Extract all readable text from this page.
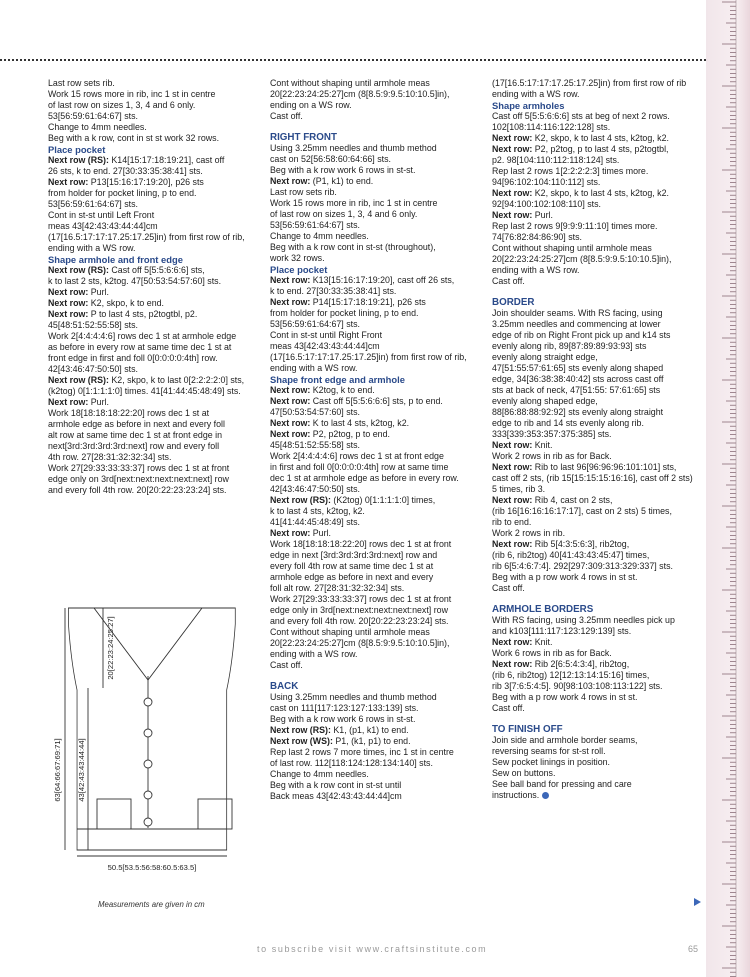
Last row sets rib.
Work 15 rows more in rib, inc 1 st in centre
of last row on sizes 1, 3, 4 and 6 only.
53[56:59:61:64:67] sts.
Change to 4mm needles.
Beg with a k row, cont in st st work 32 rows.
Place pocket
Next row (RS): K14[15:17:18:19:21], cast off
26 sts, k to end. 27[30:33:35:38:41] sts.
Next row: P13[15:16:17:19:20], p26 sts
from holder for pocket lining, p to end.
53[56:59:61:64:67] sts.
Cont in st-st until Left Front
meas 43[42:43:43:44:44]cm
(17[16.5:17:17:17.25:17.25]in) from first row of rib,
ending with a WS row.
Shape armhole and front edge
Next row (RS): Cast off 5[5:5:6:6:6] sts,
k to last 2 sts, k2tog. 47[50:53:54:57:60] sts.
Next row: Purl.
Next row: K2, skpo, k to end.
Next row: P to last 4 sts, p2togtbl, p2.
45[48:51:52:55:58] sts.
Work 2[4:4:4:4:6] rows dec 1 st at armhole edge
as before in every row at same time dec 1 st at
front edge in first and foll 0[0:0:0:0:4th] row.
42[43:46:47:50:50] sts.
Next row (RS): K2, skpo, k to last 0[2:2:2:2:0] sts,
(k2tog) 0[1:1:1:1:0] times. 41[41:44:45:48:49] sts.
Next row: Purl.
Work 18[18:18:18:22:20] rows dec 1 st at
armhole edge as before in next and every foll
alt row at same time dec 1 st at front edge in
next[3rd:3rd:3rd:3rd:next] row and every foll
4th row. 27[28:31:32:32:34] sts.
Work 27[29:33:33:33:37] rows dec 1 st at front
edge only on 3rd[next:next:next:next:next] row
and every foll 4th row. 20[20:22:23:23:24] sts.
Cont without shaping until armhole meas
20[22:23:24:25:27]cm (8[8.5:9:9.5:10:10.5]in),
ending on a WS row.
Cast off.
RIGHT FRONT
Using 3.25mm needles and thumb method
cast on 52[56:58:60:64:66] sts.
Beg with a k row work 6 rows in st-st.
Next row: (P1, k1) to end.
Last row sets rib.
Work 15 rows more in rib, inc 1 st in centre
of last row on sizes 1, 3, 4 and 6 only.
53[56:59:61:64:67] sts.
Change to 4mm needles.
Beg with a k row cont in st-st (throughout),
work 32 rows.
Place pocket
Next row: K13[15:16:17:19:20], cast off 26 sts,
k to end. 27[30:33:35:38:41] sts.
Next row: P14[15:17:18:19:21], p26 sts
from holder for pocket lining, p to end.
53[56:59:61:64:67] sts.
Cont in st-st until Right Front
meas 43[42:43:43:44:44]cm
(17[16.5:17:17:17.25:17.25]in) from first row of rib,
ending with a WS row.
Shape front edge and armhole
Next row: K2tog, k to end.
Next row: Cast off 5[5:5:6:6:6] sts, p to end.
47[50:53:54:57:60] sts.
Next row: K to last 4 sts, k2tog, k2.
Next row: P2, p2tog, p to end.
45[48:51:52:55:58] sts.
Work 2[4:4:4:4:6] rows dec 1 st at front edge
in first and foll 0[0:0:0:0:4th] row at same time
dec 1 st at armhole edge as before in every row.
42[43:46:47:50:50] sts.
Next row (RS): (K2tog) 0[1:1:1:1:0] times,
k to last 4 sts, k2tog, k2.
41[41:44:45:48:49] sts.
Next row: Purl.
Work 18[18:18:18:22:20] rows dec 1 st at front
edge in next [3rd:3rd:3rd:3rd:next] row and
every foll 4th row at same time dec 1 st at
armhole edge as before in next and every
foll alt row. 27[28:31:32:32:34] sts.
Work 27[29:33:33:33:37] rows dec 1 st at front
edge only in 3rd[next:next:next:next:next] row
and every foll 4th row. 20[20:22:23:23:24] sts.
Cont without shaping until armhole meas
20[22:23:24:25:27]cm (8[8.5:9:9.5:10:10.5]in),
ending with a WS row.
Cast off.
BACK
Using 3.25mm needles and thumb method
cast on 111[117:123:127:133:139] sts.
Beg with a k row work 6 rows in st-st.
Next row (RS): K1, (p1, k1) to end.
Next row (WS): P1, (k1, p1) to end.
Rep last 2 rows 7 more times, inc 1 st in centre
of last row. 112[118:124:128:134:140] sts.
Change to 4mm needles.
Beg with a k row cont in st-st until
Back meas 43[42:43:43:44:44]cm
(17[16.5:17:17:17.25:17.25]in) from first row of rib
ending with a WS row.
Shape armholes
Cast off 5[5:5:6:6:6] sts at beg of next 2 rows.
102[108:114:116:122:128] sts.
Next row: K2, skpo, k to last 4 sts, k2tog, k2.
Next row: P2, p2tog, p to last 4 sts, p2togtbl,
p2. 98[104:110:112:118:124] sts.
Rep last 2 rows 1[2:2:2:2:3] times more.
94[96:102:104:110:112] sts.
Next row: K2, skpo, k to last 4 sts, k2tog, k2.
92[94:100:102:108:110] sts.
Next row: Purl.
Rep last 2 rows 9[9:9:9:11:10] times more.
74[76:82:84:86:90] sts.
Cont without shaping until armhole meas
20[22:23:24:25:27]cm (8[8.5:9:9.5:10:10.5]in),
ending with a WS row.
Cast off.
BORDER
Join shoulder seams. With RS facing, using
3.25mm needles and commencing at lower
edge of rib on Right Front pick up and k14 sts
evenly along rib, 89[87:89:89:93:93] sts
evenly along straight edge,
47[51:55:57:61:65] sts evenly along shaped
edge, 34[36:38:38:40:42] sts across cast off
sts at back of neck, 47[51:55: 57:61:65] sts
evenly along shaped edge,
88[86:88:88:92:92] sts evenly along straight
edge to rib and 14 sts evenly along rib.
333[339:353:357:375:385] sts.
Next row: Knit.
Work 2 rows in rib as for Back.
Next row: Rib to last 96[96:96:96:101:101] sts,
cast off 2 sts, (rib 15[15:15:15:16:16], cast off 2 sts)
5 times, rib 3.
Next row: Rib 4, cast on 2 sts,
(rib 16[16:16:16:17:17], cast on 2 sts) 5 times,
rib to end.
Work 2 rows in rib.
Next row: Rib 5[4:3:5:6:3], rib2tog,
(rib 6, rib2tog) 40[41:43:43:45:47] times,
rib 6[5:4:6:7:4]. 292[297:309:313:329:337] sts.
Beg with a p row work 4 rows in st st.
Cast off.
ARMHOLE BORDERS
With RS facing, using 3.25mm needles pick up
and k103[111:117:123:129:139] sts.
Next row: Knit.
Work 6 rows in rib as for Back.
Next row: Rib 2[6:5:4:3:4], rib2tog,
(rib 6, rib2tog) 12[12:13:14:15:16] times,
rib 3[7:6:5:4:5]. 90[98:103:108:113:122] sts.
Beg with a p row work 4 rows in st st.
Cast off.
TO FINISH OFF
Join side and armhole border seams,
reversing seams for st-st roll.
Sew pocket linings in position.
Sew on buttons.
See ball band for pressing and care
instructions.
63[64:66:67:69:71] 43[42:43:43:44:44]
20[22:23:24:25:27]
50.5[53.5:56:58:60.5:63.5]
Measurements are given in cm
to subscribe visit www.craftsinstitute.com	65
